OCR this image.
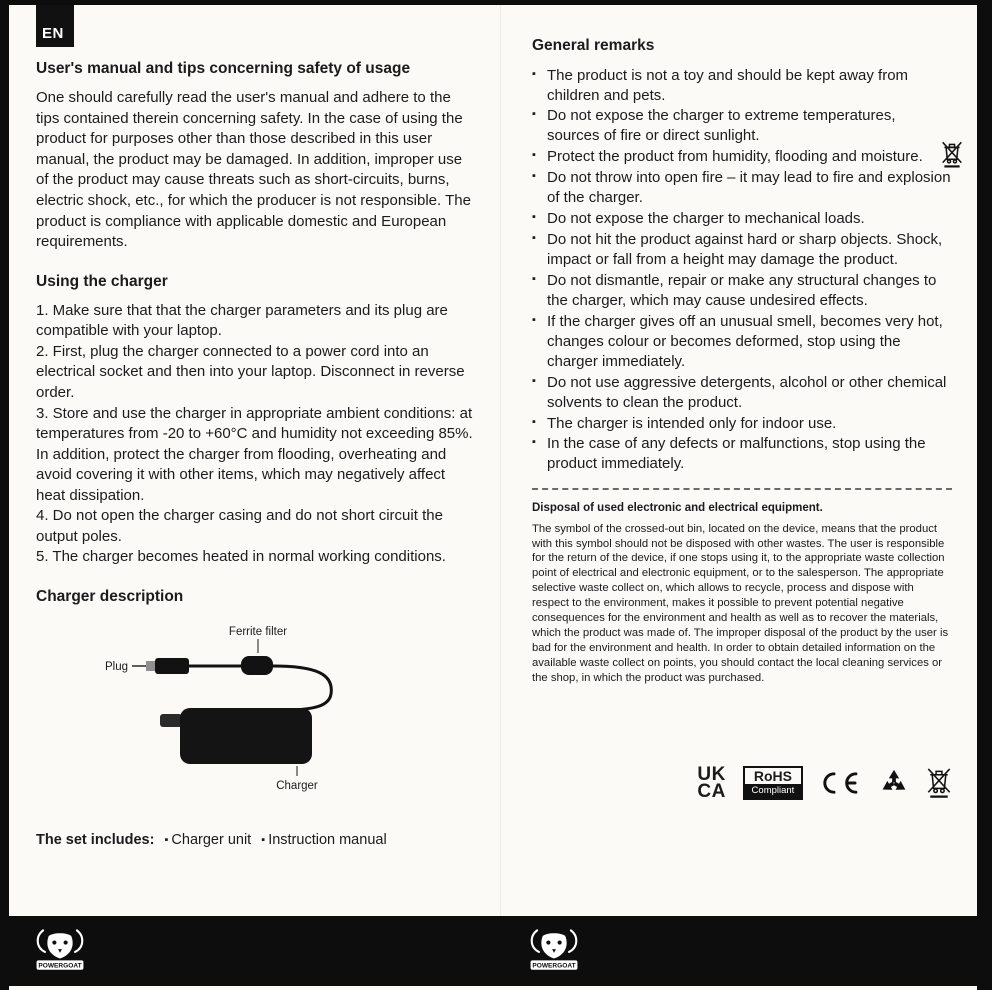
EN
User's manual and tips concerning safety of usage

One should carefully read the user's manual and adhere to the tips contained therein concerning safety. In the case of using the product for purposes other than those described in this user manual, the product may be damaged. In addition, improper use of the product may cause threats such as short-circuits, burns, electric shock, etc., for which the producer is not responsible. The product is compliance with applicable domestic and European requirements.

Using the charger

1. Make sure that that the charger parameters and its plug are compatible with your laptop.

2. First, plug the charger connected to a power cord into an electrical socket and then into your laptop. Disconnect in reverse order.

3. Store and use the charger in appropriate ambient conditions: at temperatures from -20 to +60°C and humidity not exceeding 85%. In addition, protect the charger from flooding, overheating and avoid covering it with other items, which may negatively affect heat dissipation.

4. Do not open the charger casing and do not short circuit the output poles.

5. The charger becomes heated in normal working conditions.

Charger description
Ferrite filter
Plug
Charger
The set includes:	▪ Charger unit	▪ Instruction manual
General remarks
▪ The product is not a toy and should be kept away from children and pets.
▪ Do not expose the charger to extreme temperatures, sources of fire or direct sunlight.
▪ Protect the product from humidity, flooding and moisture.
▪ Do not throw into open fire – it may lead to fire and explosion of the charger.
▪ Do not expose the charger to mechanical loads.
▪ Do not hit the product against hard or sharp objects. Shock, impact or fall from a height may damage the product.
▪ Do not dismantle, repair or make any structural changes to the charger, which may cause undesired effects.
▪ If the charger gives off an unusual smell, becomes very hot, changes colour or becomes deformed, stop using the charger immediately.
▪ Do not use aggressive detergents, alcohol or other chemical solvents to clean the product.
▪ The charger is intended only for indoor use.
▪ In the case of any defects or malfunctions, stop using the product immediately.

Disposal of used electronic and electrical equipment.

The symbol of the crossed-out bin, located on the device, means that the product with this symbol should not be disposed with other wastes. The user is responsible for the return of the device, if one stops using it, to the appropriate waste collection point of electrical and electronic equipment, or to the salesperson. The appropriate selective waste collect on, which allows to recycle, process and dispose with respect to the environment, makes it possible to prevent potential negative consequences for the environment and health as well as to recover the materials, which the product was made of. The improper disposal of the product by the user is bad for the environment and health. In order to obtain detailed information on the available waste collect on points, you should contact the local cleaning services or the shop, in which the product was purchased.

UK
CA
RoHS
Compliant
POWERGOAT	POWERGOAT
